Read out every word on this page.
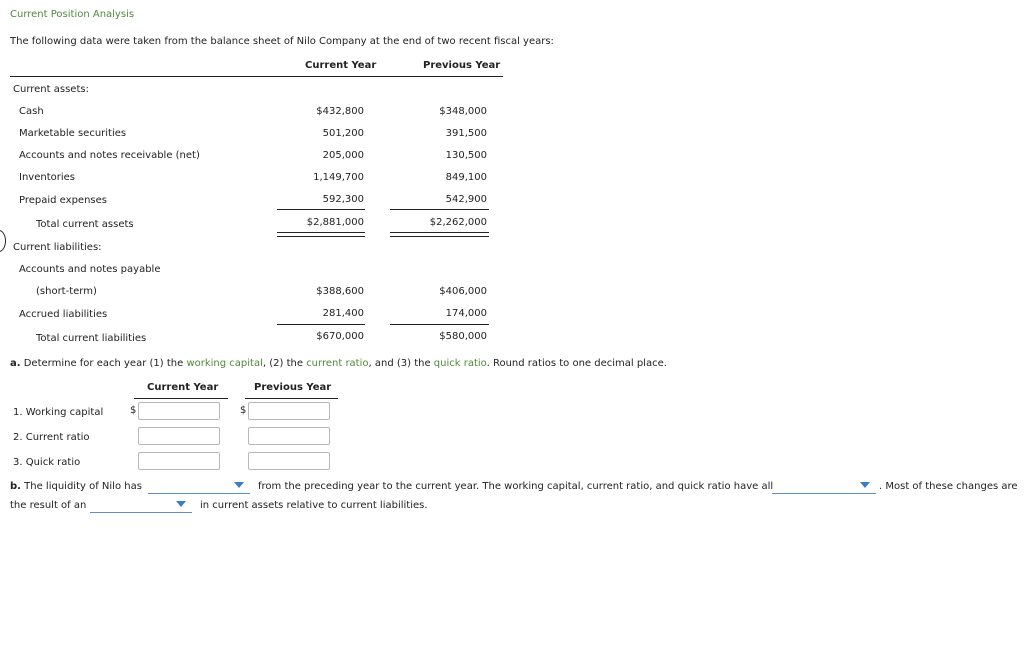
Current Position Analysis
The following data were taken from the balance sheet of Nilo Company at the end of two recent fiscal years:
Current Year	Previous Year
Current assets:
Cash	$432,800	$348,000
Marketable securities	501,200	391,500
Accounts and notes receivable (net)	205,000	130,500
Inventories	1,149,700	849,100
Prepaid expenses	592,300	542,900
Total current assets	$2,881,000	$2,262,000
Current liabilities:
Accounts and notes payable
(short-term)	$388,600	$406,000
Accrued liabilities	281,400	174,000
Total current liabilities	$670,000	$580,000
a. Determine for each year (1) the working capital, (2) the current ratio, and (3) the quick ratio. Round ratios to one decimal place.
Current Year	Previous Year
1. Working capital	$	$
2. Current ratio
3. Quick ratio
b. The liquidity of Nilo has	from the preceding year to the current year. The working capital, current ratio, and quick ratio have all	. Most of these changes are
the result of an	in current assets relative to current liabilities.
